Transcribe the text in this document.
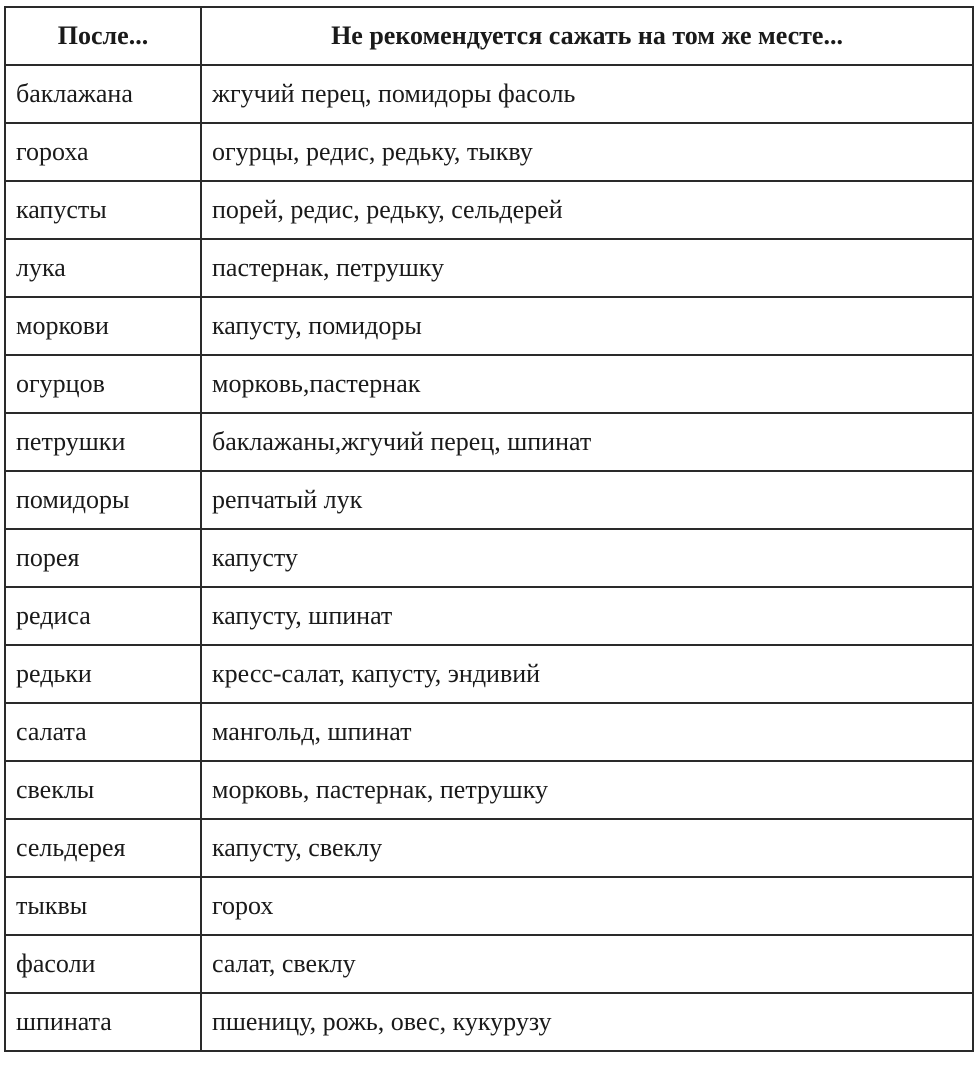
После...	Не рекомендуется сажать на том же месте...
баклажана	жгучий перец, помидоры фасоль
гороха	огурцы, редис, редьку, тыкву
капусты	порей, редис, редьку, сельдерей
лука	пастернак, петрушку
моркови	капусту, помидоры
огурцов	морковь,пастернак
петрушки	баклажаны,жгучий перец, шпинат
помидоры	репчатый лук
порея	капусту
редиса	капусту, шпинат
редьки	кресс-салат, капусту, эндивий
салата	мангольд, шпинат
свеклы	морковь, пастернак, петрушку
сельдерея	капусту, свеклу
тыквы	горох
фасоли	салат, свеклу
шпината	пшеницу, рожь, овес, кукурузу
